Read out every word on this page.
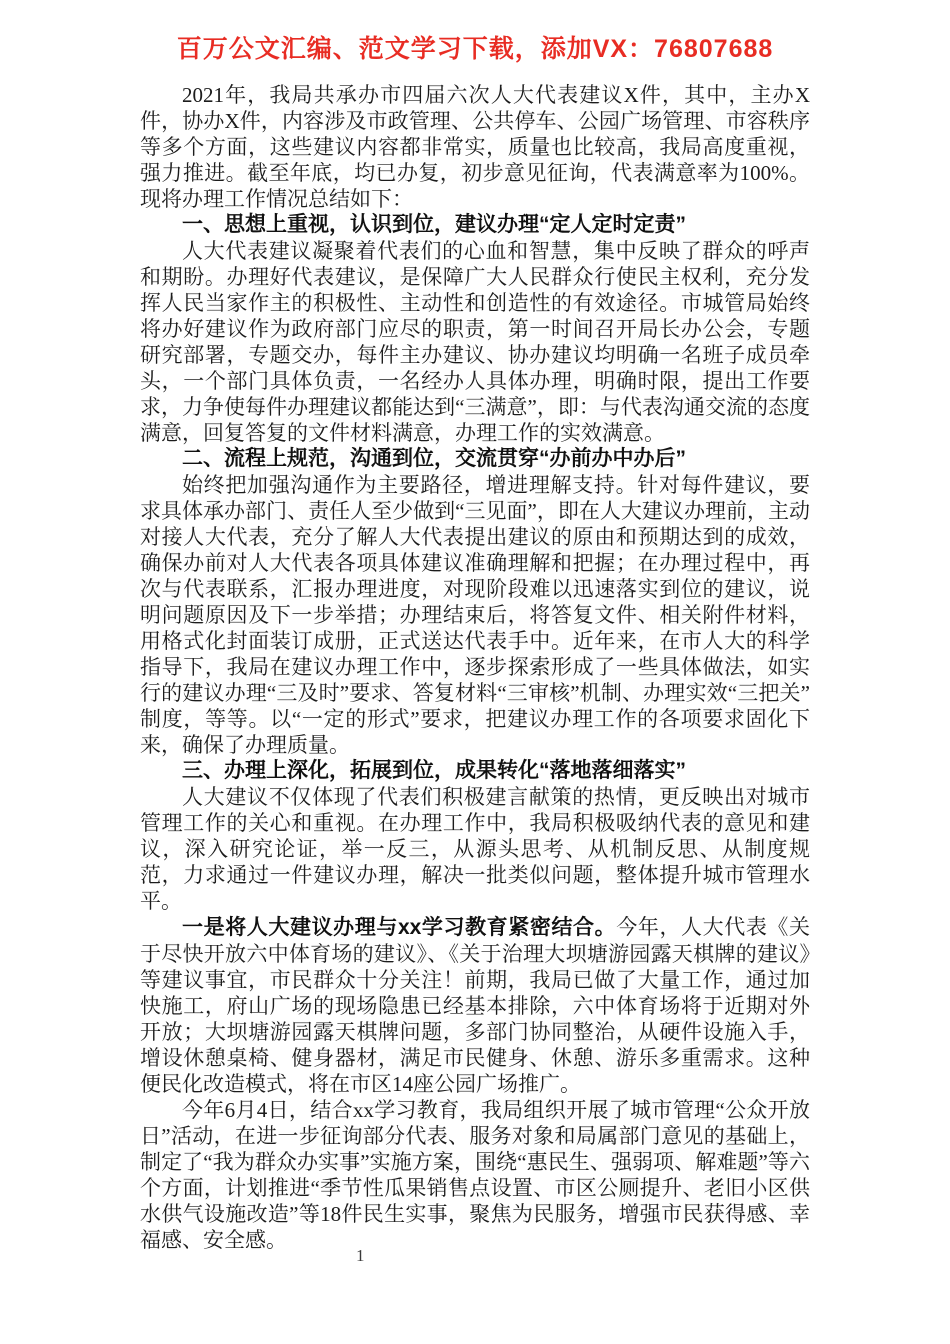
百万公文汇编、范文学习下载，添加VX：76807688

2021年，我局共承办市四届六次人大代表建议X件，其中，主办X件，协办X件，内容涉及市政管理、公共停车、公园广场管理、市容秩序等多个方面，这些建议内容都非常实，质量也比较高，我局高度重视，强力推进。截至年底，均已办复，初步意见征询，代表满意率为100%。现将办理工作情况总结如下：

一、思想上重视，认识到位，建议办理“定人定时定责”

人大代表建议凝聚着代表们的心血和智慧，集中反映了群众的呼声和期盼。办理好代表建议，是保障广大人民群众行使民主权利，充分发挥人民当家作主的积极性、主动性和创造性的有效途径。市城管局始终将办好建议作为政府部门应尽的职责，第一时间召开局长办公会，专题研究部署，专题交办，每件主办建议、协办建议均明确一名班子成员牵头，一个部门具体负责，一名经办人具体办理，明确时限，提出工作要求，力争使每件办理建议都能达到“三满意”，即：与代表沟通交流的态度满意，回复答复的文件材料满意，办理工作的实效满意。

二、流程上规范，沟通到位，交流贯穿“办前办中办后”

始终把加强沟通作为主要路径，增进理解支持。针对每件建议，要求具体承办部门、责任人至少做到“三见面”，即在人大建议办理前，主动对接人大代表，充分了解人大代表提出建议的原由和预期达到的成效，确保办前对人大代表各项具体建议准确理解和把握；在办理过程中，再次与代表联系，汇报办理进度，对现阶段难以迅速落实到位的建议，说明问题原因及下一步举措；办理结束后，将答复文件、相关附件材料，用格式化封面装订成册，正式送达代表手中。近年来，在市人大的科学指导下，我局在建议办理工作中，逐步探索形成了一些具体做法，如实行的建议办理“三及时”要求、答复材料“三审核”机制、办理实效“三把关”制度，等等。以“一定的形式”要求，把建议办理工作的各项要求固化下来，确保了办理质量。

三、办理上深化，拓展到位，成果转化“落地落细落实”

人大建议不仅体现了代表们积极建言献策的热情，更反映出对城市管理工作的关心和重视。在办理工作中，我局积极吸纳代表的意见和建议，深入研究论证，举一反三，从源头思考、从机制反思、从制度规范，力求通过一件建议办理，解决一批类似问题，整体提升城市管理水平。

一是将人大建议办理与xx学习教育紧密结合。今年，人大代表《关于尽快开放六中体育场的建议》、《关于治理大坝塘游园露天棋牌的建议》等建议事宜，市民群众十分关注！前期，我局已做了大量工作，通过加快施工，府山广场的现场隐患已经基本排除，六中体育场将于近期对外开放；大坝塘游园露天棋牌问题，多部门协同整治，从硬件设施入手，增设休憩桌椅、健身器材，满足市民健身、休憩、游乐多重需求。这种便民化改造模式，将在市区14座公园广场推广。

今年6月4日，结合xx学习教育，我局组织开展了城市管理“公众开放日”活动，在进一步征询部分代表、服务对象和局属部门意见的基础上，制定了“我为群众办实事”实施方案，围绕“惠民生、强弱项、解难题”等六个方面，计划推进“季节性瓜果销售点设置、市区公厕提升、老旧小区供水供气设施改造”等18件民生实事，聚焦为民服务，增强市民获得感、幸福感、安全感。

1
